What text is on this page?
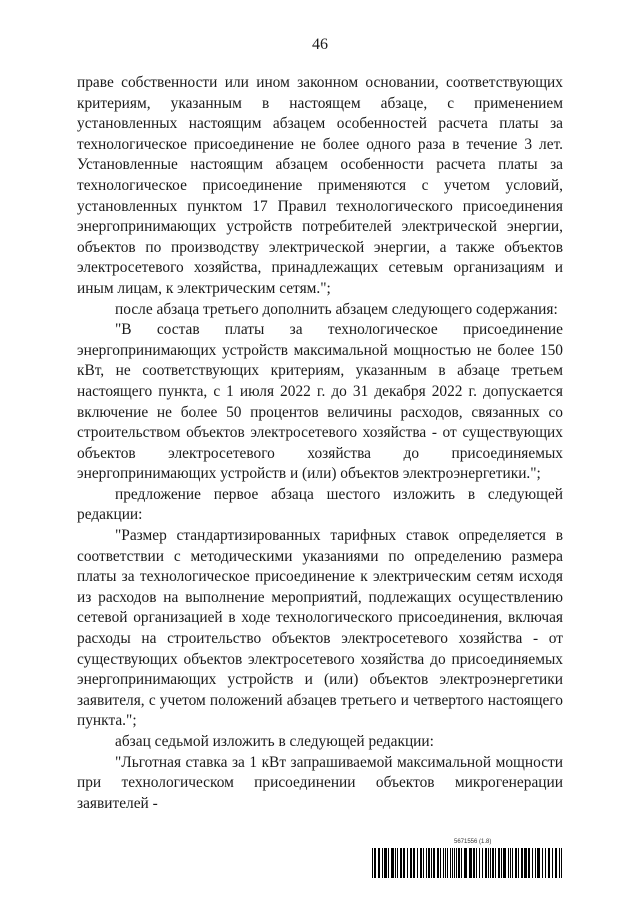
46

праве собственности или ином законном основании, соответствующих критериям, указанным в настоящем абзаце, с применением установленных настоящим абзацем особенностей расчета платы за технологическое присоединение не более одного раза в течение 3 лет. Установленные настоящим абзацем особенности расчета платы за технологическое присоединение применяются с учетом условий, установленных пунктом 17 Правил технологического присоединения энергопринимающих устройств потребителей электрической энергии, объектов по производству электрической энергии, а также объектов электросетевого хозяйства, принадлежащих сетевым организациям и иным лицам, к электрическим сетям.";

после абзаца третьего дополнить абзацем следующего содержания:

"В состав платы за технологическое присоединение энергопринимающих устройств максимальной мощностью не более 150 кВт, не соответствующих критериям, указанным в абзаце третьем настоящего пункта, с 1 июля 2022 г. до 31 декабря 2022 г. допускается включение не более 50 процентов величины расходов, связанных со строительством объектов электросетевого хозяйства - от существующих объектов электросетевого хозяйства до присоединяемых энергопринимающих устройств и (или) объектов электроэнергетики.";

предложение первое абзаца шестого изложить в следующей редакции:

"Размер стандартизированных тарифных ставок определяется в соответствии с методическими указаниями по определению размера платы за технологическое присоединение к электрическим сетям исходя из расходов на выполнение мероприятий, подлежащих осуществлению сетевой организацией в ходе технологического присоединения, включая расходы на строительство объектов электросетевого хозяйства - от существующих объектов электросетевого хозяйства до присоединяемых энергопринимающих устройств и (или) объектов электроэнергетики заявителя, с учетом положений абзацев третьего и четвертого настоящего пункта.";

абзац седьмой изложить в следующей редакции:

"Льготная ставка за 1 кВт запрашиваемой максимальной мощности при технологическом присоединении объектов микрогенерации заявителей -

5671556 (1.8)
